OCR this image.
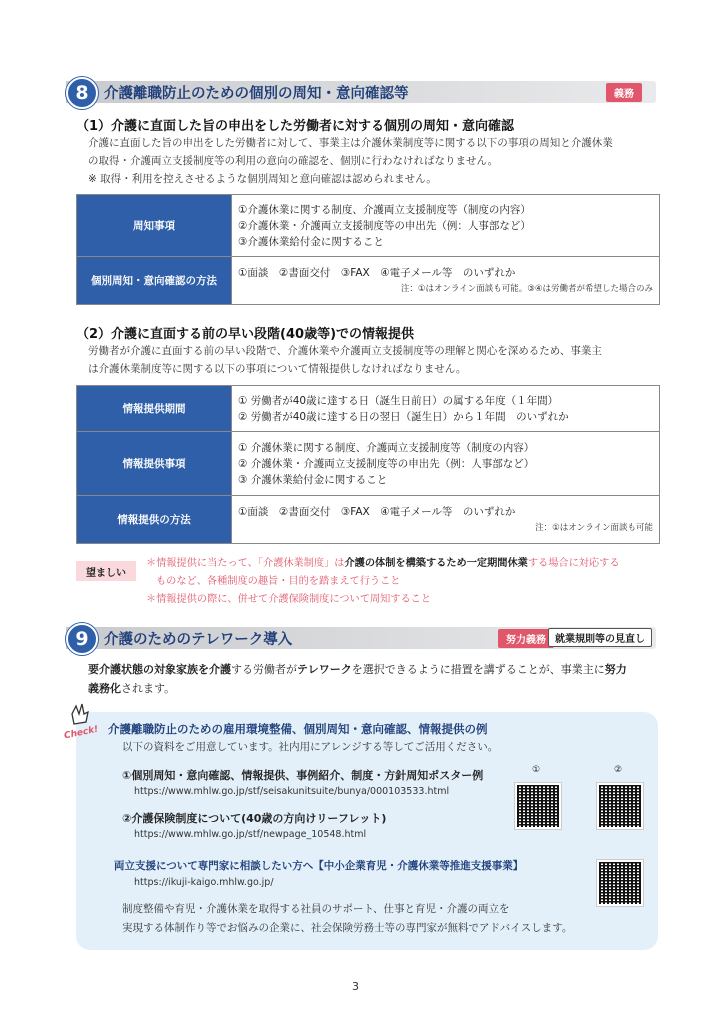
8	介護離職防止のための個別の周知・意向確認等	義務
（1）介護に直面した旨の申出をした労働者に対する個別の周知・意向確認
介護に直面した旨の申出をした労働者に対して、事業主は介護休業制度等に関する以下の事項の周知と介護休業
の取得・介護両立支援制度等の利用の意向の確認を、個別に行わなければなりません。
※ 取得・利用を控えさせるような個別周知と意向確認は認められません。
周知事項	①介護休業に関する制度、介護両立支援制度等（制度の内容）
②介護休業・介護両立支援制度等の申出先（例：人事部など）
③介護休業給付金に関すること

個別周知・意向確認の方法	①面談　②書面交付　③FAX　④電子メール等　のいずれか
注：①はオンライン面談も可能。③④は労働者が希望した場合のみ
（2）介護に直面する前の早い段階(40歳等)での情報提供
労働者が介護に直面する前の早い段階で、介護休業や介護両立支援制度等の理解と関心を深めるため、事業主
は介護休業制度等に関する以下の事項について情報提供しなければなりません。
情報提供期間	① 労働者が40歳に達する日（誕生日前日）の属する年度（１年間）
② 労働者が40歳に達する日の翌日（誕生日）から１年間　のいずれか

情報提供事項	① 介護休業に関する制度、介護両立支援制度等（制度の内容）
② 介護休業・介護両立支援制度等の申出先（例：人事部など）
③ 介護休業給付金に関すること

情報提供の方法	①面談　②書面交付　③FAX　④電子メール等　のいずれか
注：①はオンライン面談も可能
望ましい
＊情報提供に当たって、「介護休業制度」は介護の体制を構築するため一定期間休業する場合に対応する
ものなど、各種制度の趣旨・目的を踏まえて行うこと
＊情報提供の際に、併せて介護保険制度について周知すること
9	介護のためのテレワーク導入	努力義務 就業規則等の見直し
要介護状態の対象家族を介護する労働者がテレワークを選択できるように措置を講ずることが、事業主に努力
義務化されます。
Check! 介護離職防止のための雇用環境整備、個別周知・意向確認、情報提供の例
以下の資料をご用意しています。社内用にアレンジする等してご活用ください。
①個別周知・意向確認、情報提供、事例紹介、制度・方針周知ポスター例
https://www.mhlw.go.jp/stf/seisakunitsuite/bunya/000103533.html
②介護保険制度について(40歳の方向けリーフレット)
https://www.mhlw.go.jp/stf/newpage_10548.html
①	②
両立支援について専門家に相談したい方へ【中小企業育児・介護休業等推進支援事業】
https://ikuji-kaigo.mhlw.go.jp/
制度整備や育児・介護休業を取得する社員のサポート、仕事と育児・介護の両立を
実現する体制作り等でお悩みの企業に、社会保険労務士等の専門家が無料でアドバイスします。
3
